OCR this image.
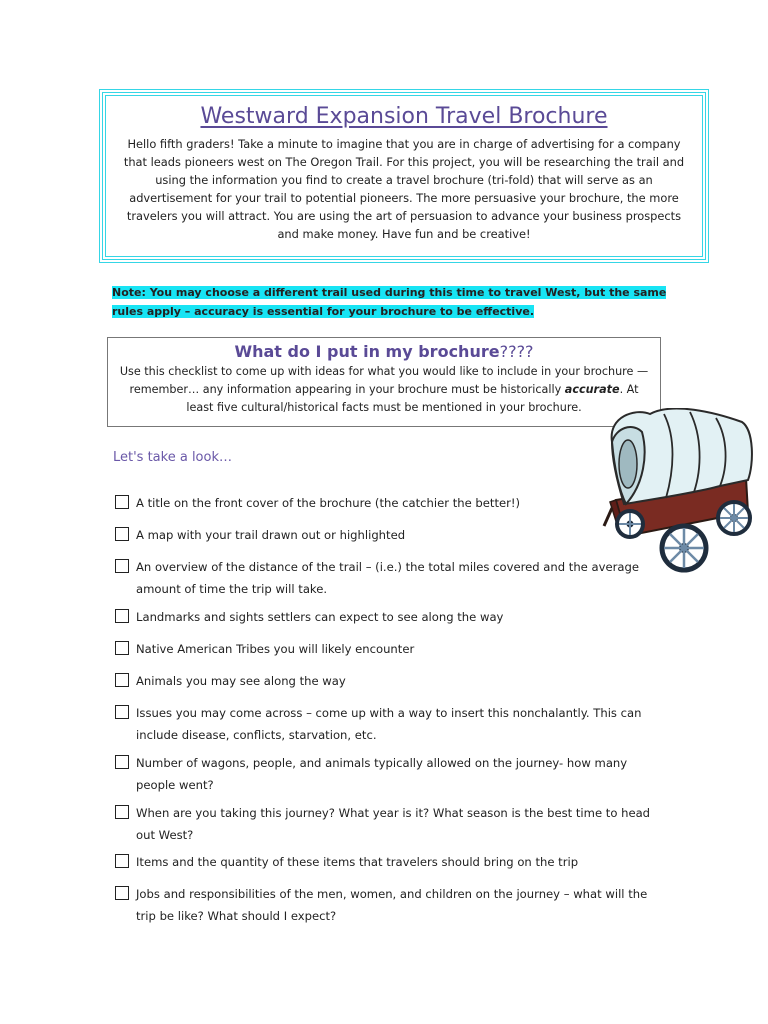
Westward Expansion Travel Brochure

Hello fifth graders! Take a minute to imagine that you are in charge of advertising for a company that leads pioneers west on The Oregon Trail. For this project, you will be researching the trail and using the information you find to create a travel brochure (tri-fold) that will serve as an advertisement for your trail to potential pioneers. The more persuasive your brochure, the more travelers you will attract. You are using the art of persuasion to advance your business prospects and make money. Have fun and be creative!

Note: You may choose a different trail used during this time to travel West, but the same rules apply – accuracy is essential for your brochure to be effective.
What do I put in my brochure????

Use this checklist to come up with ideas for what you would like to include in your brochure —remember… any information appearing in your brochure must be historically accurate. At least five cultural/historical facts must be mentioned in your brochure.

Let's take a look…
A title on the front cover of the brochure (the catchier the better!)
A map with your trail drawn out or highlighted
An overview of the distance of the trail – (i.e.) the total miles covered and the average amount of time the trip will take.
Landmarks and sights settlers can expect to see along the way
Native American Tribes you will likely encounter
Animals you may see along the way
Issues you may come across – come up with a way to insert this nonchalantly. This can include disease, conflicts, starvation, etc.
Number of wagons, people, and animals typically allowed on the journey- how many people went?
When are you taking this journey? What year is it? What season is the best time to head out West?
Items and the quantity of these items that travelers should bring on the trip
Jobs and responsibilities of the men, women, and children on the journey – what will the trip be like? What should I expect?
